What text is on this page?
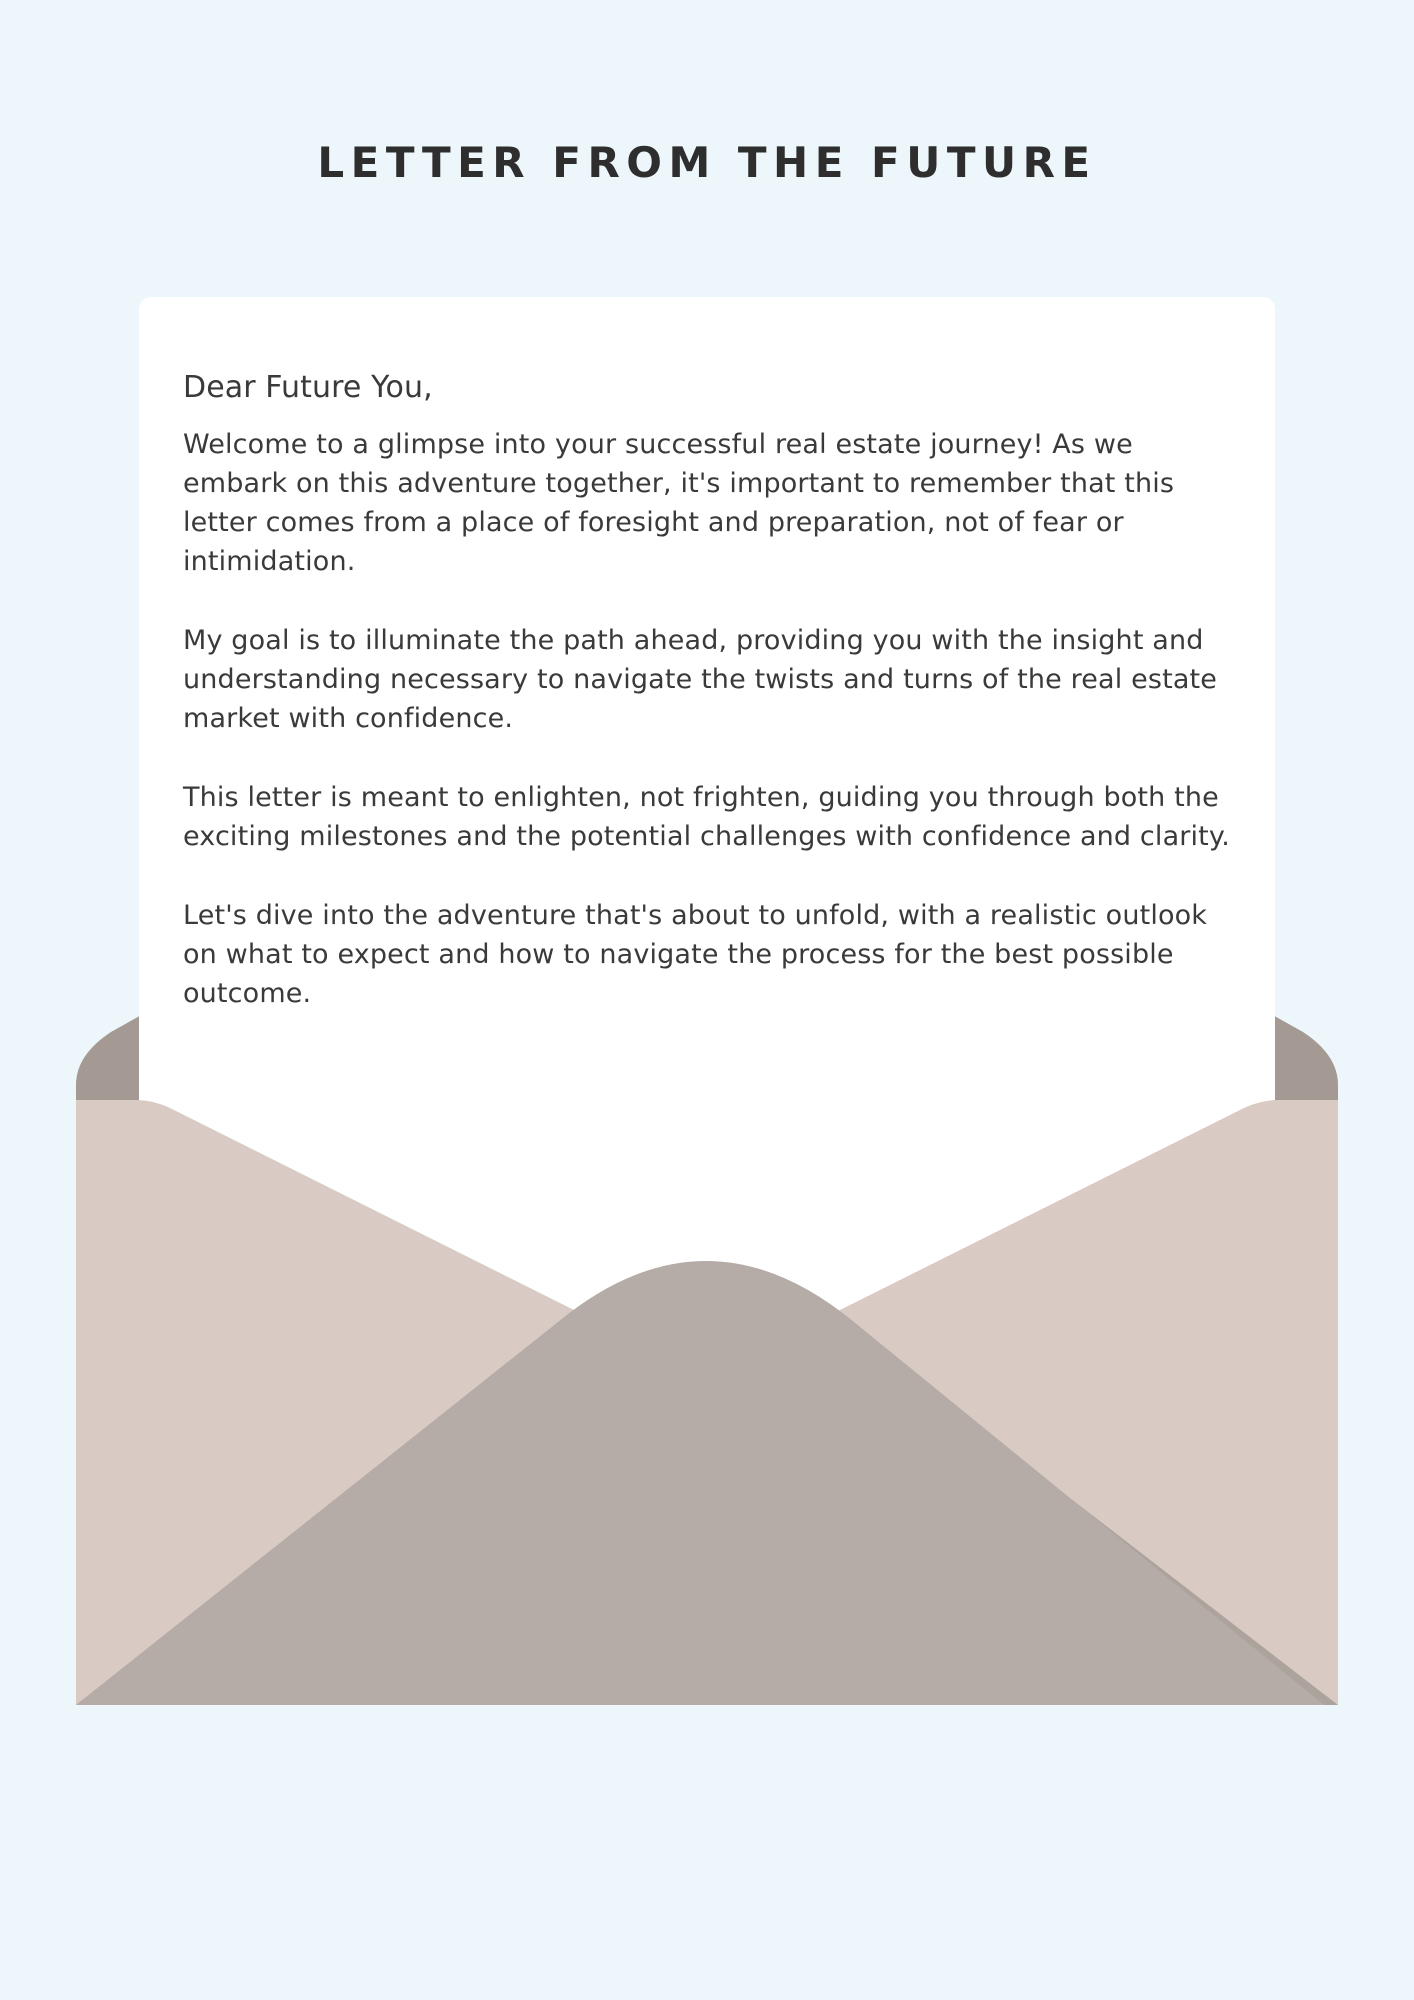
LETTER FROM THE FUTURE

Dear Future You,

Welcome to a glimpse into your successful real estate journey! As we embark on this adventure together, it's important to remember that this letter comes from a place of foresight and preparation, not of fear or intimidation.

My goal is to illuminate the path ahead, providing you with the insight and understanding necessary to navigate the twists and turns of the real estate market with confidence.

This letter is meant to enlighten, not frighten, guiding you through both the exciting milestones and the potential challenges with confidence and clarity.

Let's dive into the adventure that's about to unfold, with a realistic outlook on what to expect and how to navigate the process for the best possible outcome.
